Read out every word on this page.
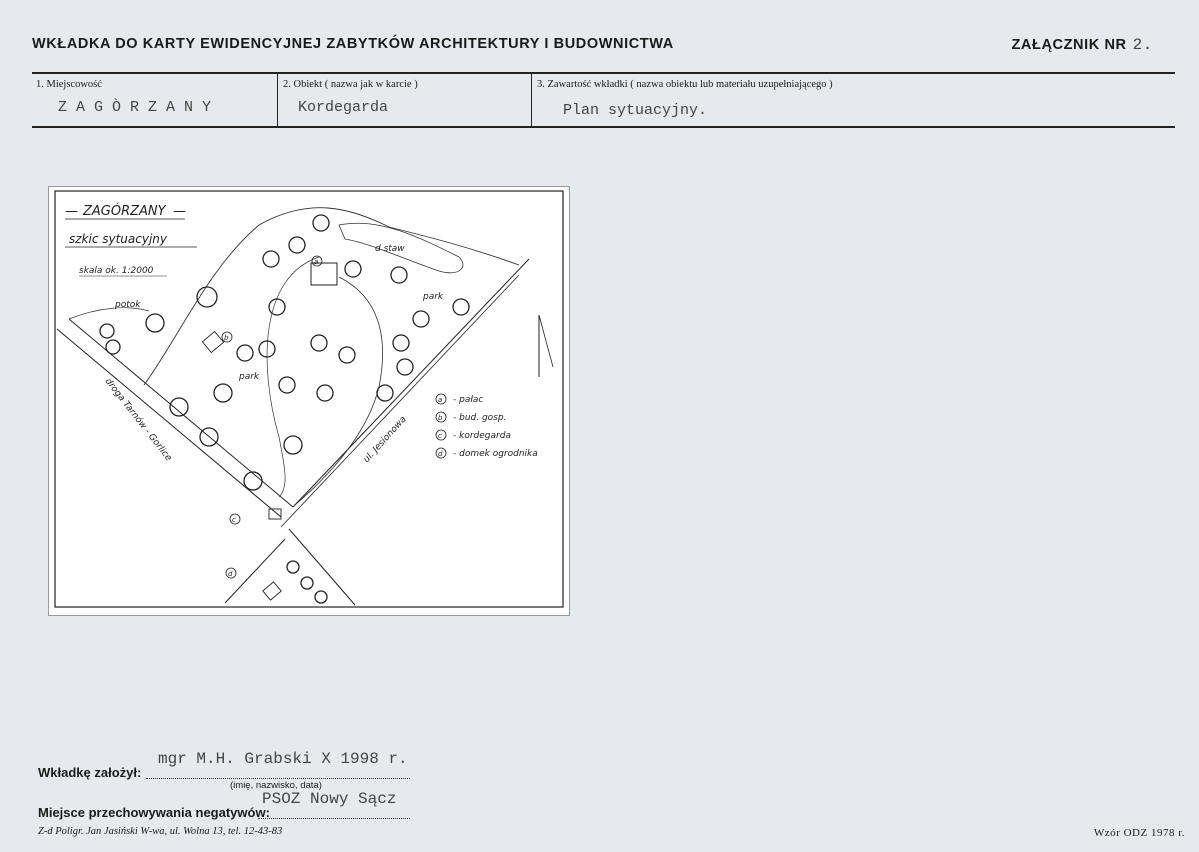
WKŁADKA DO KARTY EWIDENCYJNEJ ZABYTKÓW ARCHITEKTURY I BUDOWNICTWA	ZAŁĄCZNIK NR 2.
1. Miejscowość
Z A G Ò R Z A N Y
2. Obiekt ( nazwa jak w karcie )
Kordegarda
3. Zawartość wkładki ( nazwa obiektu lub materiału uzupełniającego )
Plan sytuacyjny.
— ZAGÓRZANY —
szkic sytuacyjny
skala ok. 1:2000
potok
d staw
park
park
droga Tarnów - Gorlice	ul. Jesionowa
a
b
c
d
a - pałac
b - bud. gosp.
c - kordegarda
d - domek ogrodnika
mgr M.H. Grabski X 1998 r.
Wkładkę założył:
(imię, nazwisko, data)
PSOZ Nowy Sącz
Miejsce przechowywania negatywów:
Z-d Poligr. Jan Jasiński W-wa, ul. Wolna 13, tel. 12-43-83	Wzór ODZ 1978 r.
